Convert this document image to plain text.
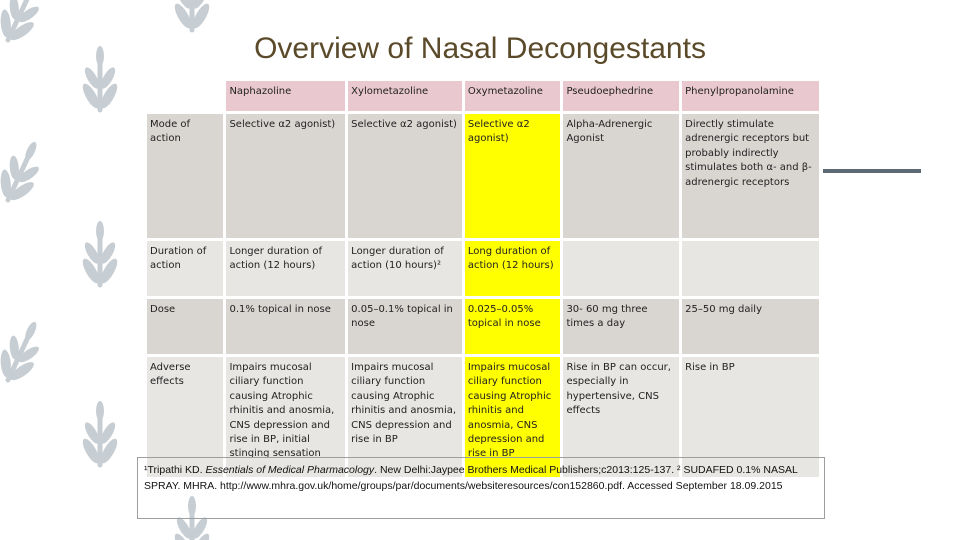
Overview of Nasal Decongestants
	Naphazoline	Xylometazoline	Oxymetazoline	Pseudoephedrine	Phenylpropanolamine
Mode of action	Selective α2 agonist)	Selective α2 agonist)	Selective α2 agonist)	Alpha-Adrenergic Agonist	Directly stimulate adrenergic receptors but probably indirectly stimulates both α- and β-adrenergic receptors
Duration of action	Longer duration of action (12 hours)	Longer duration of action (10 hours)²	Long duration of action (12 hours)		
Dose	0.1% topical in nose	0.05–0.1% topical in nose	0.025–0.05% topical in nose	30- 60 mg three times a day	25–50 mg daily
Adverse effects	Impairs mucosal ciliary function causing Atrophic rhinitis and anosmia, CNS depression and rise in BP, initial stinging sensation	Impairs mucosal ciliary function causing Atrophic rhinitis and anosmia, CNS depression and rise in BP	Impairs mucosal ciliary function causing Atrophic rhinitis and anosmia, CNS depression and rise in BP	Rise in BP can occur, especially in hypertensive, CNS effects	Rise in BP
¹Tripathi KD. Essentials of Medical Pharmacology. New Delhi:Jaypee Brothers Medical Publishers;c2013:125-137. ² SUDAFED 0.1% NASAL SPRAY. MHRA. http://www.mhra.gov.uk/home/groups/par/documents/websiteresources/con152860.pdf. Accessed September 18.09.2015
